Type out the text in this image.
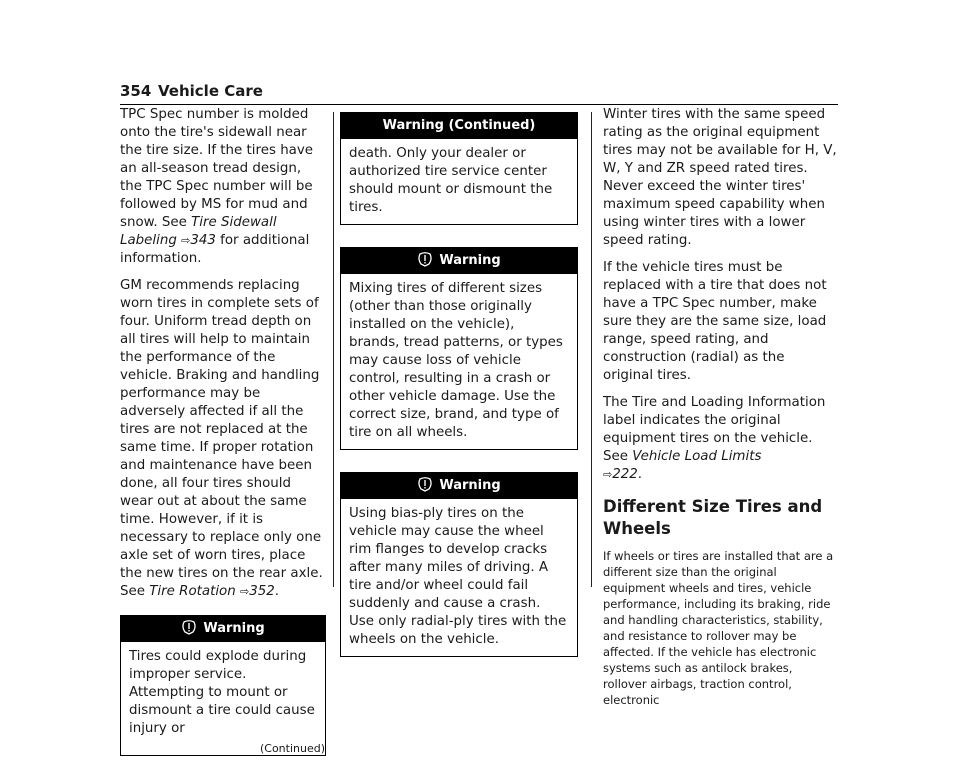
354 Vehicle Care

TPC Spec number is molded onto the tire's sidewall near the tire size. If the tires have an all-season tread design, the TPC Spec number will be followed by MS for mud and snow. See Tire Sidewall Labeling ⇨343 for additional information.

GM recommends replacing worn tires in complete sets of four. Uniform tread depth on all tires will help to maintain the performance of the vehicle. Braking and handling performance may be adversely affected if all the tires are not replaced at the same time. If proper rotation and maintenance have been done, all four tires should wear out at about the same time. However, if it is necessary to replace only one axle set of worn tires, place the new tires on the rear axle. See Tire Rotation ⇨352.

Warning
Tires could explode during improper service. Attempting to mount or dismount a tire could cause injury or
(Continued)
Warning (Continued)
death. Only your dealer or authorized tire service center should mount or dismount the tires.
Warning
Mixing tires of different sizes (other than those originally installed on the vehicle), brands, tread patterns, or types may cause loss of vehicle control, resulting in a crash or other vehicle damage. Use the correct size, brand, and type of tire on all wheels.
Warning
Using bias-ply tires on the vehicle may cause the wheel rim flanges to develop cracks after many miles of driving. A tire and/or wheel could fail suddenly and cause a crash. Use only radial-ply tires with the wheels on the vehicle.

Winter tires with the same speed rating as the original equipment tires may not be available for H, V, W, Y and ZR speed rated tires. Never exceed the winter tires' maximum speed capability when using winter tires with a lower speed rating.

If the vehicle tires must be replaced with a tire that does not have a TPC Spec number, make sure they are the same size, load range, speed rating, and construction (radial) as the original tires.

The Tire and Loading Information label indicates the original equipment tires on the vehicle. See Vehicle Load Limits
⇨222.

Different Size Tires and Wheels

If wheels or tires are installed that are a different size than the original equipment wheels and tires, vehicle performance, including its braking, ride and handling characteristics, stability, and resistance to rollover may be affected. If the vehicle has electronic systems such as antilock brakes, rollover airbags, traction control, electronic
